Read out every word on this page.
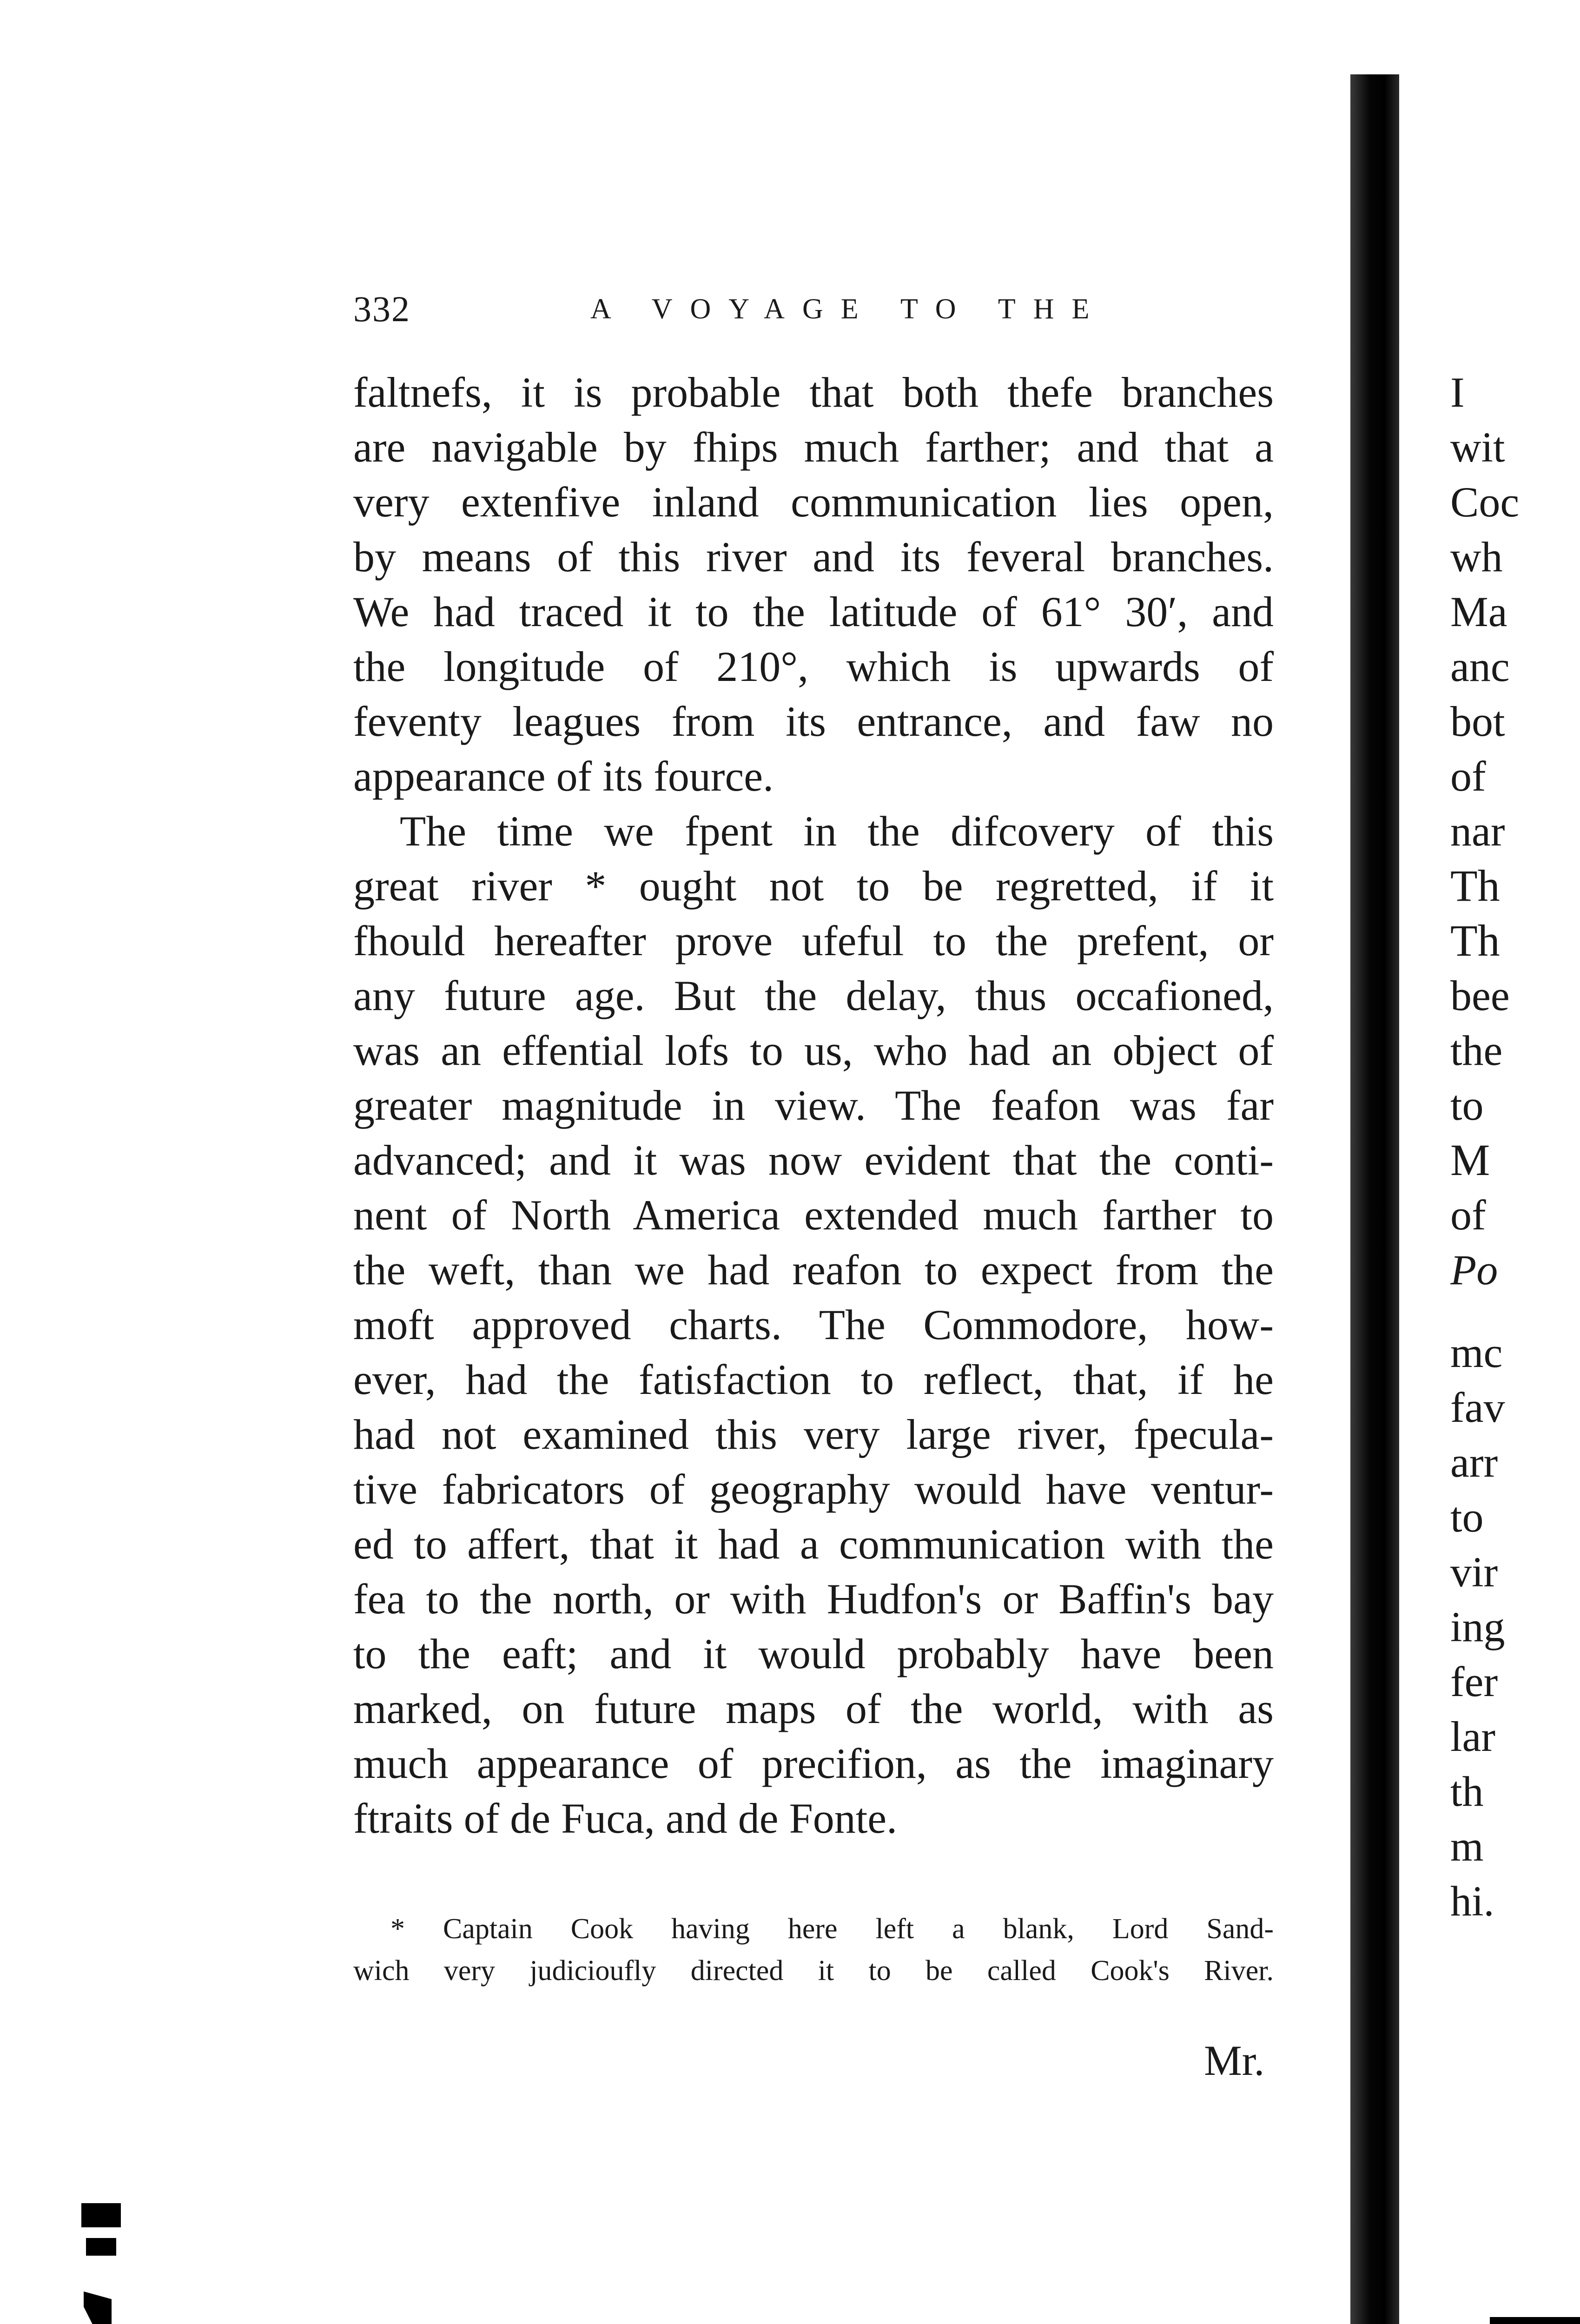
332	A VOYAGE TO THE
faltnefs, it is probable that both thefe branches
are navigable by fhips much farther; and that a
very extenfive inland communication lies open,
by means of this river and its feveral branches.
We had traced it to the latitude of 61° 30′, and
the longitude of 210°, which is upwards of
feventy leagues from its entrance, and faw no
appearance of its fource.
The time we fpent in the difcovery of this
great river * ought not to be regretted, if it
fhould hereafter prove ufeful to the prefent, or
any future age. But the delay, thus occafioned,
was an effential lofs to us, who had an object of
greater magnitude in view. The feafon was far
advanced; and it was now evident that the conti-
nent of North America extended much farther to
the weft, than we had reafon to expect from the
moft approved charts. The Commodore, how-
ever, had the fatisfaction to reflect, that, if he
had not examined this very large river, fpecula-
tive fabricators of geography would have ventur-
ed to affert, that it had a communication with the
fea to the north, or with Hudfon's or Baffin's bay
to the eaft; and it would probably have been
marked, on future maps of the world, with as
much appearance of precifion, as the imaginary
ftraits of de Fuca, and de Fonte.
* Captain Cook having here left a blank, Lord Sand-
wich very judicioufly directed it to be called Cook's River.
Mr.
I
wit
Coc
wh
Ma
anc
bot
of
nar
Th
Th
bee
the
to
M
of
Po
mc
fav
arr
to
vir
ing
fer
lar
th
m
hi.
